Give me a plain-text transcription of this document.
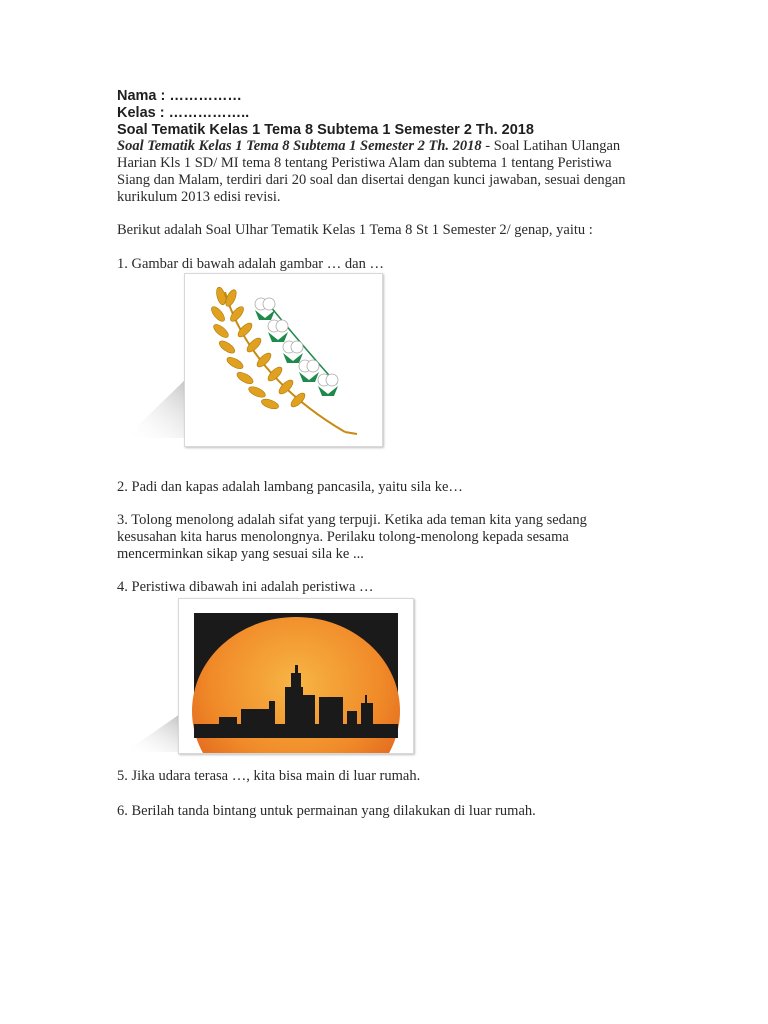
Nama : ……………
Kelas : ……………..
Soal Tematik Kelas 1 Tema 8 Subtema 1 Semester 2 Th. 2018
Soal Tematik Kelas 1 Tema 8 Subtema 1 Semester 2 Th. 2018 - Soal Latihan Ulangan Harian Kls 1 SD/ MI tema 8 tentang Peristiwa Alam dan subtema 1 tentang Peristiwa Siang dan Malam, terdiri dari 20 soal dan disertai dengan kunci jawaban, sesuai dengan kurikulum 2013 edisi revisi.
Berikut adalah Soal Ulhar Tematik Kelas 1 Tema 8 St 1 Semester 2/ genap, yaitu :
1. Gambar di bawah adalah gambar … dan …
2. Padi dan kapas adalah lambang pancasila, yaitu sila ke…
3. Tolong menolong adalah sifat yang terpuji. Ketika ada teman kita yang sedang kesusahan kita harus menolongnya. Perilaku tolong-menolong kepada sesama mencerminkan sikap yang sesuai sila ke ...
4. Peristiwa dibawah ini adalah peristiwa …
5. Jika udara terasa …, kita bisa main di luar rumah.
6. Berilah tanda bintang untuk permainan yang dilakukan di luar rumah.
